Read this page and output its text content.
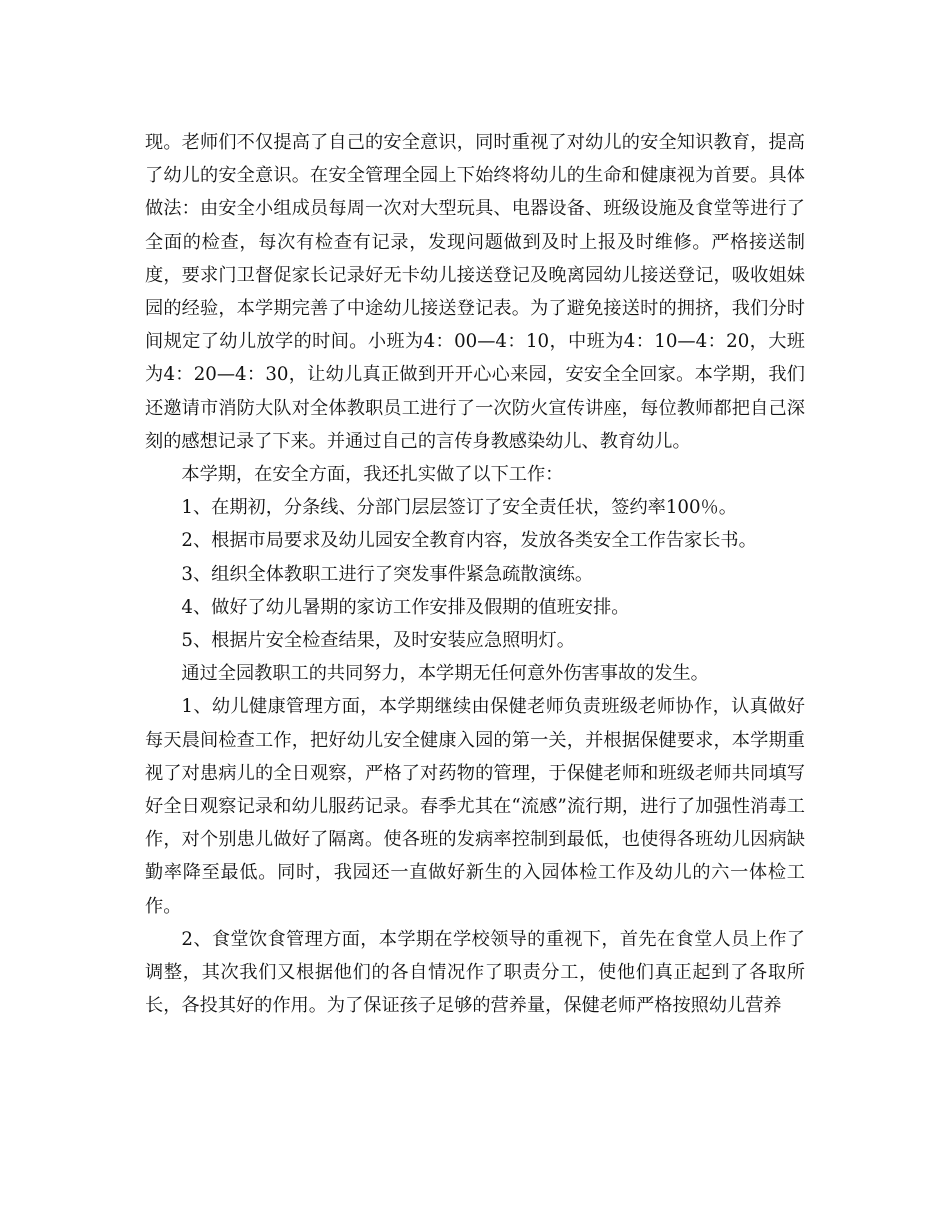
现。老师们不仅提高了自己的安全意识，同时重视了对幼儿的安全知识教育，提高了幼儿的安全意识。在安全管理全园上下始终将幼儿的生命和健康视为首要。具体做法：由安全小组成员每周一次对大型玩具、电器设备、班级设施及食堂等进行了全面的检查，每次有检查有记录，发现问题做到及时上报及时维修。严格接送制度，要求门卫督促家长记录好无卡幼儿接送登记及晚离园幼儿接送登记，吸收姐妹园的经验，本学期完善了中途幼儿接送登记表。为了避免接送时的拥挤，我们分时间规定了幼儿放学的时间。小班为4：00—4：10，中班为4：10—4：20，大班为4：20—4：30，让幼儿真正做到开开心心来园，安安全全回家。本学期，我们还邀请市消防大队对全体教职员工进行了一次防火宣传讲座，每位教师都把自己深刻的感想记录了下来。并通过自己的言传身教感染幼儿、教育幼儿。

本学期，在安全方面，我还扎实做了以下工作：

1、在期初，分条线、分部门层层签订了安全责任状，签约率100％。

2、根据市局要求及幼儿园安全教育内容，发放各类安全工作告家长书。

3、组织全体教职工进行了突发事件紧急疏散演练。

4、做好了幼儿暑期的家访工作安排及假期的值班安排。

5、根据片安全检查结果，及时安装应急照明灯。

通过全园教职工的共同努力，本学期无任何意外伤害事故的发生。

1、幼儿健康管理方面，本学期继续由保健老师负责班级老师协作，认真做好每天晨间检查工作，把好幼儿安全健康入园的第一关，并根据保健要求，本学期重视了对患病儿的全日观察，严格了对药物的管理，于保健老师和班级老师共同填写好全日观察记录和幼儿服药记录。春季尤其在“流感”流行期，进行了加强性消毒工作，对个别患儿做好了隔离。使各班的发病率控制到最低，也使得各班幼儿因病缺勤率降至最低。同时，我园还一直做好新生的入园体检工作及幼儿的六一体检工作。

2、食堂饮食管理方面，本学期在学校领导的重视下，首先在食堂人员上作了调整，其次我们又根据他们的各自情况作了职责分工，使他们真正起到了各取所长，各投其好的作用。为了保证孩子足够的营养量，保健老师严格按照幼儿营养
